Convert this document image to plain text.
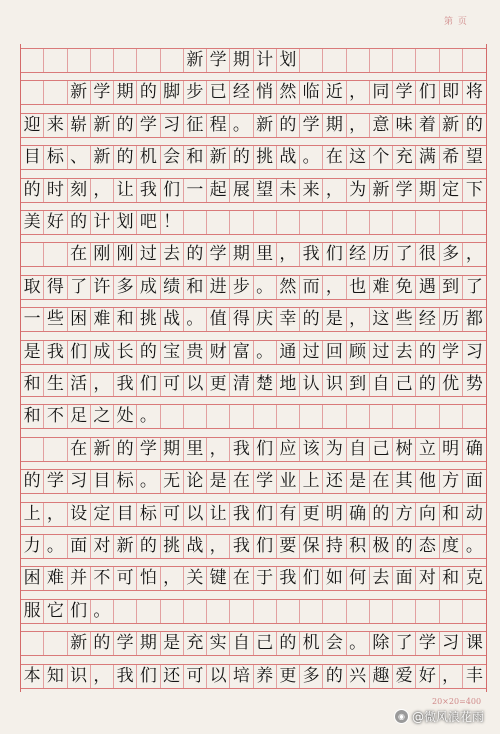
第 页
新 学 期 计 划
新 学 期 的 脚 步 已 经 悄 然 临 近 ， 同 学 们 即 将
迎 来 崭 新 的 学 习 征 程 。 新 的 学 期 ， 意 味 着 新 的
目 标 、 新 的 机 会 和 新 的 挑 战 。 在 这 个 充 满 希 望
的 时 刻 ， 让 我 们 一 起 展 望 未 来 ， 为 新 学 期 定 下
美 好 的 计 划 吧 ！
在 刚 刚 过 去 的 学 期 里 ， 我 们 经 历 了 很 多 ，
取 得 了 许 多 成 绩 和 进 步 。 然 而 ， 也 难 免 遇 到 了
一 些 困 难 和 挑 战 。 值 得 庆 幸 的 是 ， 这 些 经 历 都
是 我 们 成 长 的 宝 贵 财 富 。 通 过 回 顾 过 去 的 学 习
和 生 活 ， 我 们 可 以 更 清 楚 地 认 识 到 自 己 的 优 势
和 不 足 之 处 。
在 新 的 学 期 里 ， 我 们 应 该 为 自 己 树 立 明 确
的 学 习 目 标 。 无 论 是 在 学 业 上 还 是 在 其 他 方 面
上 ， 设 定 目 标 可 以 让 我 们 有 更 明 确 的 方 向 和 动
力 。 面 对 新 的 挑 战 ， 我 们 要 保 持 积 极 的 态 度 。
困 难 并 不 可 怕 ， 关 键 在 于 我 们 如 何 去 面 对 和 克
服 它 们 。
新 的 学 期 是 充 实 自 己 的 机 会 。 除 了 学 习 课
本 知 识 ， 我 们 还 可 以 培 养 更 多 的 兴 趣 爱 好 ， 丰
20×20=400
◉ @微风浪花雨
